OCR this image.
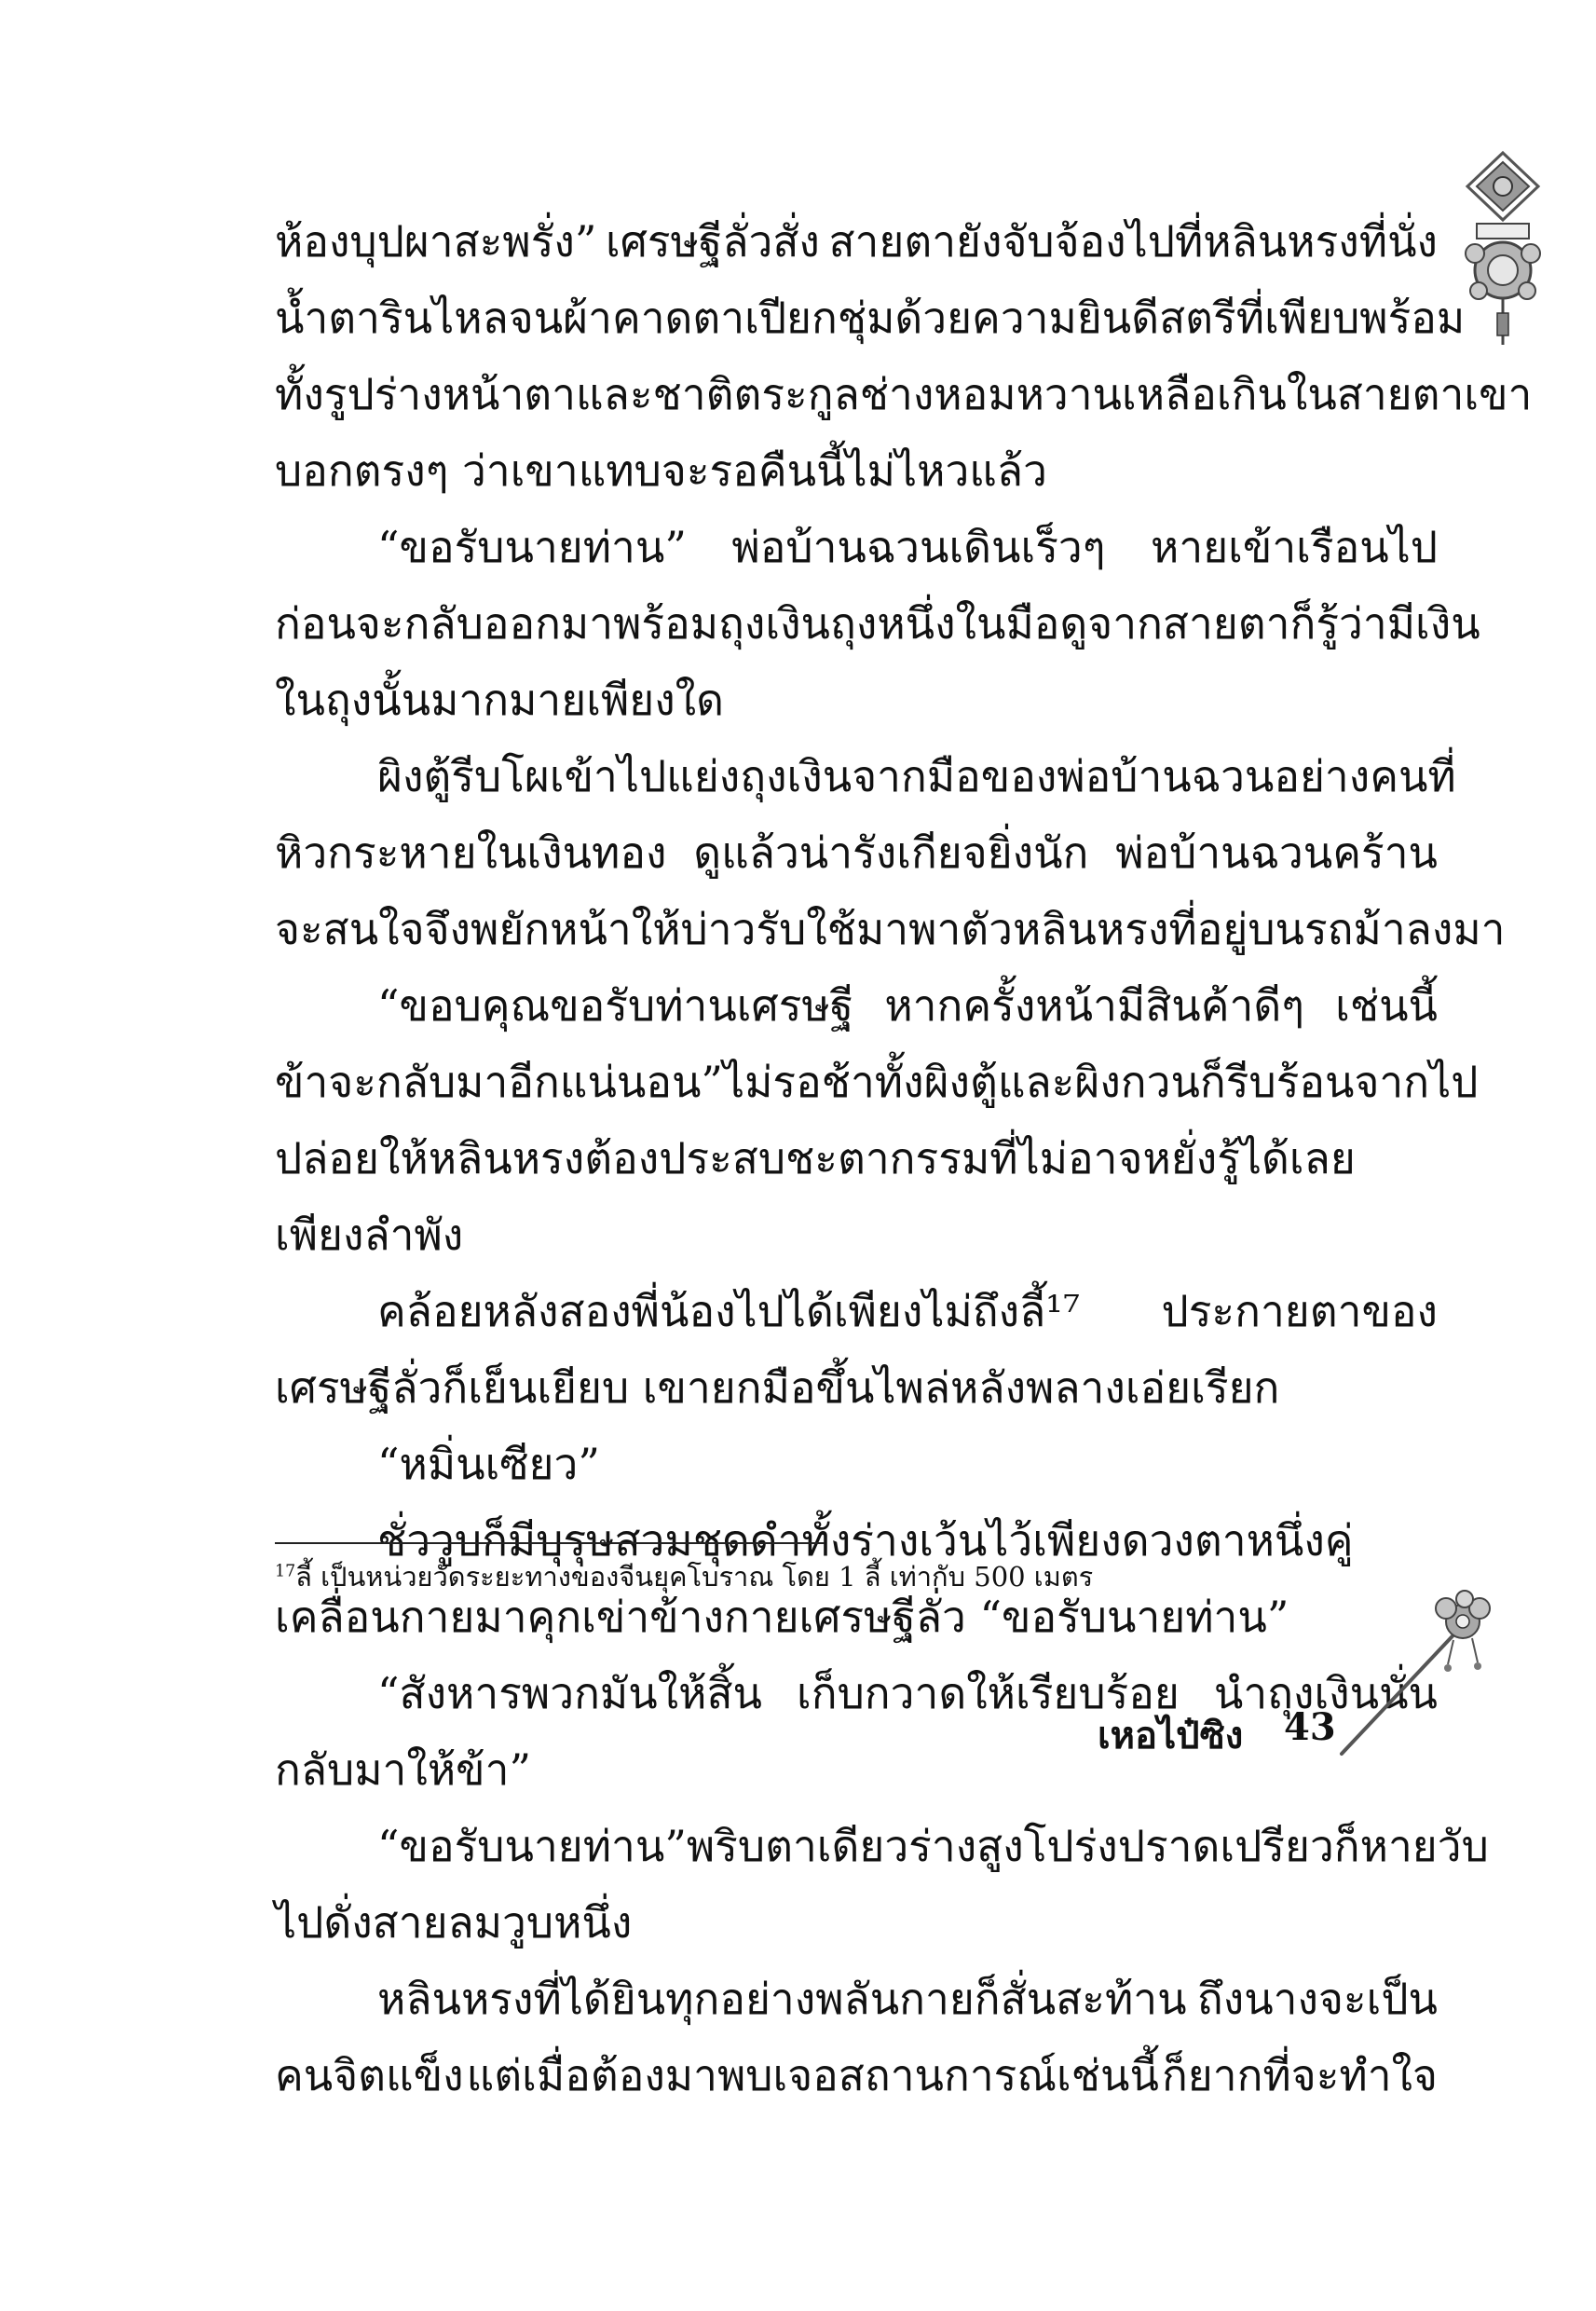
ห้องบุปผาสะพรั่ง” เศรษฐีลั่วสั่ง สายตายังจับจ้องไปที่หลินหรงที่นั่ง
น้ำตารินไหลจนผ้าคาดตาเปียกชุ่มด้วยความยินดี สตรีที่เพียบพร้อม
ทั้งรูปร่างหน้าตาและชาติตระกูลช่างหอมหวานเหลือเกินในสายตาเขา
บอกตรงๆ ว่าเขาแทบจะรอคืนนี้ไม่ไหวแล้ว
“ขอรับนายท่าน” พ่อบ้านฉวนเดินเร็วๆ หายเข้าเรือนไป
ก่อนจะกลับออกมาพร้อมถุงเงินถุงหนึ่งในมือ ดูจากสายตาก็รู้ว่ามีเงิน
ในถุงนั้นมากมายเพียงใด
ผิงตู้รีบโผเข้าไปแย่งถุงเงินจากมือของพ่อบ้านฉวนอย่างคนที่
หิวกระหายในเงินทอง ดูแล้วน่ารังเกียจยิ่งนัก พ่อบ้านฉวนคร้าน
จะสนใจจึงพยักหน้าให้บ่าวรับใช้มาพาตัวหลินหรงที่อยู่บนรถม้าลงมา
“ขอบคุณขอรับท่านเศรษฐี หากครั้งหน้ามีสินค้าดีๆ เช่นนี้
ข้าจะกลับมาอีกแน่นอน” ไม่รอช้าทั้งผิงตู้และผิงกวนก็รีบร้อนจากไป
ปล่อยให้หลินหรงต้องประสบชะตากรรมที่ไม่อาจหยั่งรู้ได้เลย
เพียงลำพัง
คล้อยหลังสองพี่น้องไปได้เพียงไม่ถึงลี้¹⁷ ประกายตาของ
เศรษฐีลั่วก็เย็นเยียบ เขายกมือขึ้นไพล่หลังพลางเอ่ยเรียก
“หมิ่นเซียว”
ชั่ววูบก็มีบุรุษสวมชุดดำทั้งร่างเว้นไว้เพียงดวงตาหนึ่งคู่
เคลื่อนกายมาคุกเข่าข้างกายเศรษฐีลั่ว “ขอรับนายท่าน”
“สังหารพวกมันให้สิ้น เก็บกวาดให้เรียบร้อย นำถุงเงินนั่น
กลับมาให้ข้า”
“ขอรับนายท่าน” พริบตาเดียวร่างสูงโปร่งปราดเปรียวก็หายวับ
ไปดั่งสายลมวูบหนึ่ง
หลินหรงที่ได้ยินทุกอย่างพลันกายก็สั่นสะท้าน ถึงนางจะเป็น
คนจิตแข็ง แต่เมื่อต้องมาพบเจอสถานการณ์เช่นนี้ ก็ยากที่จะทำใจ
$^{17}$ลี้ เป็นหน่วยวัดระยะทางของจีนยุคโบราณ โดย 1 ลี้ เท่ากับ 500 เมตร
เหอไป๋ซิง 43
